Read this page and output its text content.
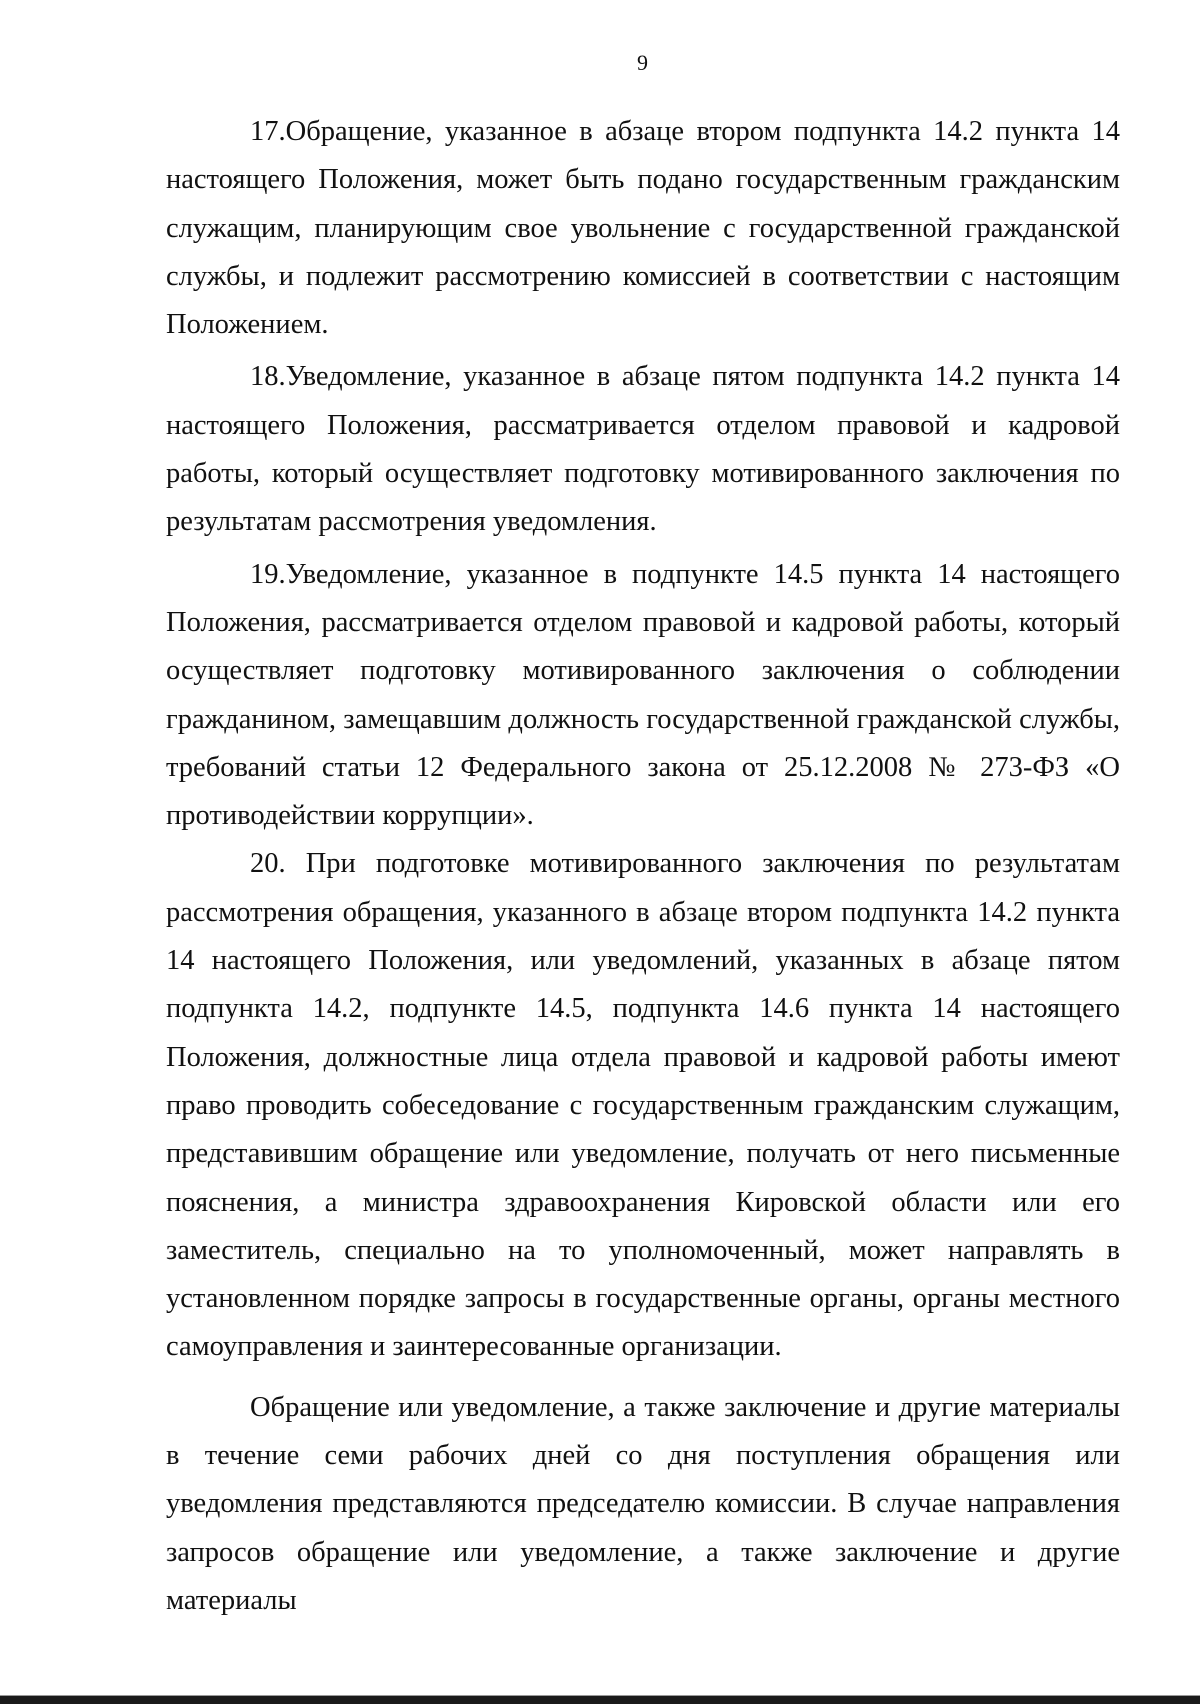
9

17.Обращение, указанное в абзаце втором подпункта 14.2 пункта 14 настоящего Положения, может быть подано государственным гражданским служащим, планирующим свое увольнение с государственной гражданской службы, и подлежит рассмотрению комиссией в соответствии с настоящим Положением.

18.Уведомление, указанное в абзаце пятом подпункта 14.2 пункта 14 настоящего Положения, рассматривается отделом правовой и кадровой работы, который осуществляет подготовку мотивированного заключения по результатам рассмотрения уведомления.

19.Уведомление, указанное в подпункте 14.5 пункта 14 настоящего Положения, рассматривается отделом правовой и кадровой работы, который осуществляет подготовку мотивированного заключения о соблюдении гражданином, замещавшим должность государственной гражданской службы, требований статьи 12 Федерального закона от 25.12.2008 № 273-ФЗ «О противодействии коррупции».

20. При подготовке мотивированного заключения по результатам рассмотрения обращения, указанного в абзаце втором подпункта 14.2 пункта 14 настоящего Положения, или уведомлений, указанных в абзаце пятом подпункта 14.2, подпункте 14.5, подпункта 14.6 пункта 14 настоящего Положения, должностные лица отдела правовой и кадровой работы имеют право проводить собеседование с государственным гражданским служащим, представившим обращение или уведомление, получать от него письменные пояснения, а министра здравоохранения Кировской области или его заместитель, специально на то уполномоченный, может направлять в установленном порядке запросы в государственные органы, органы местного самоуправления и заинтересованные организации.

Обращение или уведомление, а также заключение и другие материалы в течение семи рабочих дней со дня поступления обращения или уведомления представляются председателю комиссии. В случае направления запросов обращение или уведомление, а также заключение и другие материалы
